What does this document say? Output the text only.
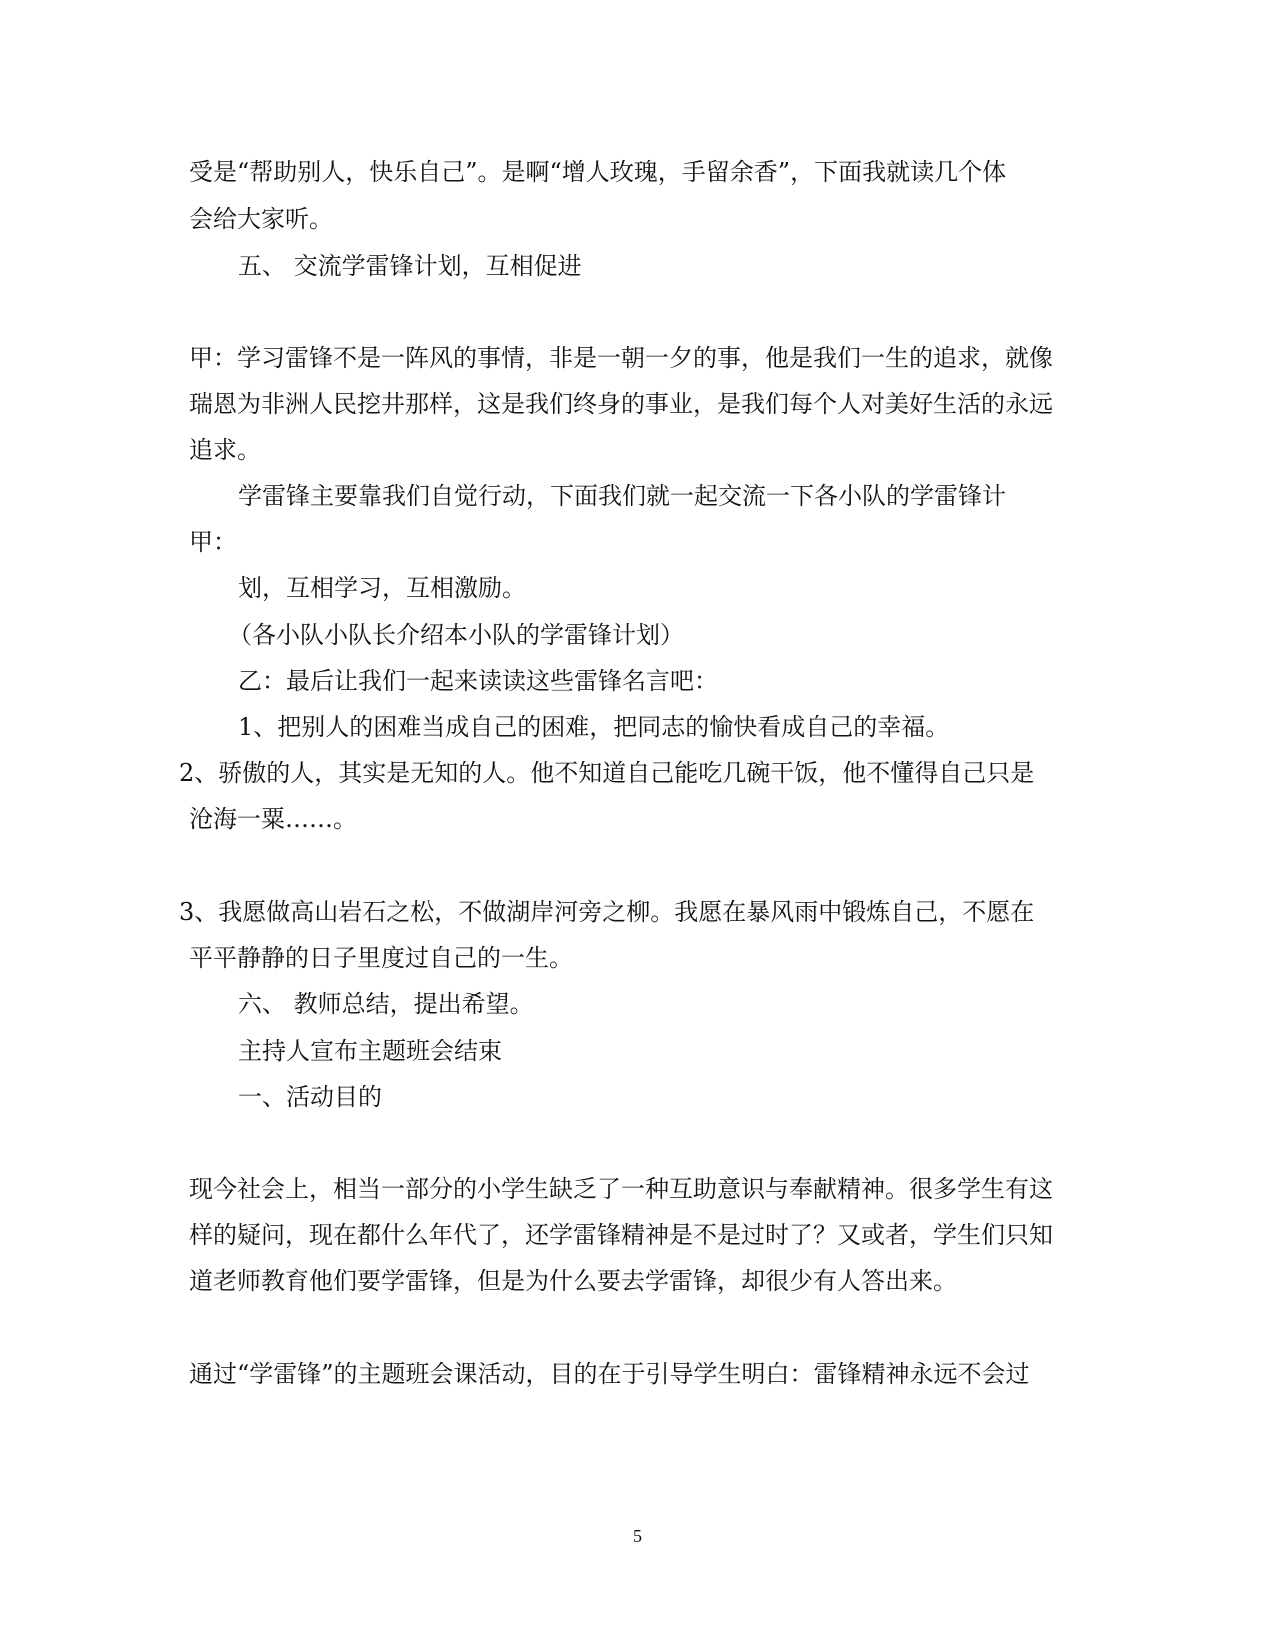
受是“帮助别人，快乐自己”。是啊“增人玫瑰，手留余香”，下面我就读几个体
会给大家听。
五、 交流学雷锋计划，互相促进
甲：学习雷锋不是一阵风的事情，非是一朝一夕的事，他是我们一生的追求，就像
瑞恩为非洲人民挖井那样，这是我们终身的事业，是我们每个人对美好生活的永远
追求。
学雷锋主要靠我们自觉行动，下面我们就一起交流一下各小队的学雷锋计
甲：
划，互相学习，互相激励。
（各小队小队长介绍本小队的学雷锋计划）
乙：最后让我们一起来读读这些雷锋名言吧：
1、把别人的困难当成自己的困难，把同志的愉快看成自己的幸福。
2、骄傲的人，其实是无知的人。他不知道自己能吃几碗干饭，他不懂得自己只是
沧海一粟……。
3、我愿做高山岩石之松，不做湖岸河旁之柳。我愿在暴风雨中锻炼自己，不愿在
平平静静的日子里度过自己的一生。
六、 教师总结，提出希望。
主持人宣布主题班会结束
一、活动目的
现今社会上，相当一部分的小学生缺乏了一种互助意识与奉献精神。很多学生有这
样的疑问，现在都什么年代了，还学雷锋精神是不是过时了？又或者，学生们只知
道老师教育他们要学雷锋，但是为什么要去学雷锋，却很少有人答出来。
通过“学雷锋”的主题班会课活动，目的在于引导学生明白：雷锋精神永远不会过
5
